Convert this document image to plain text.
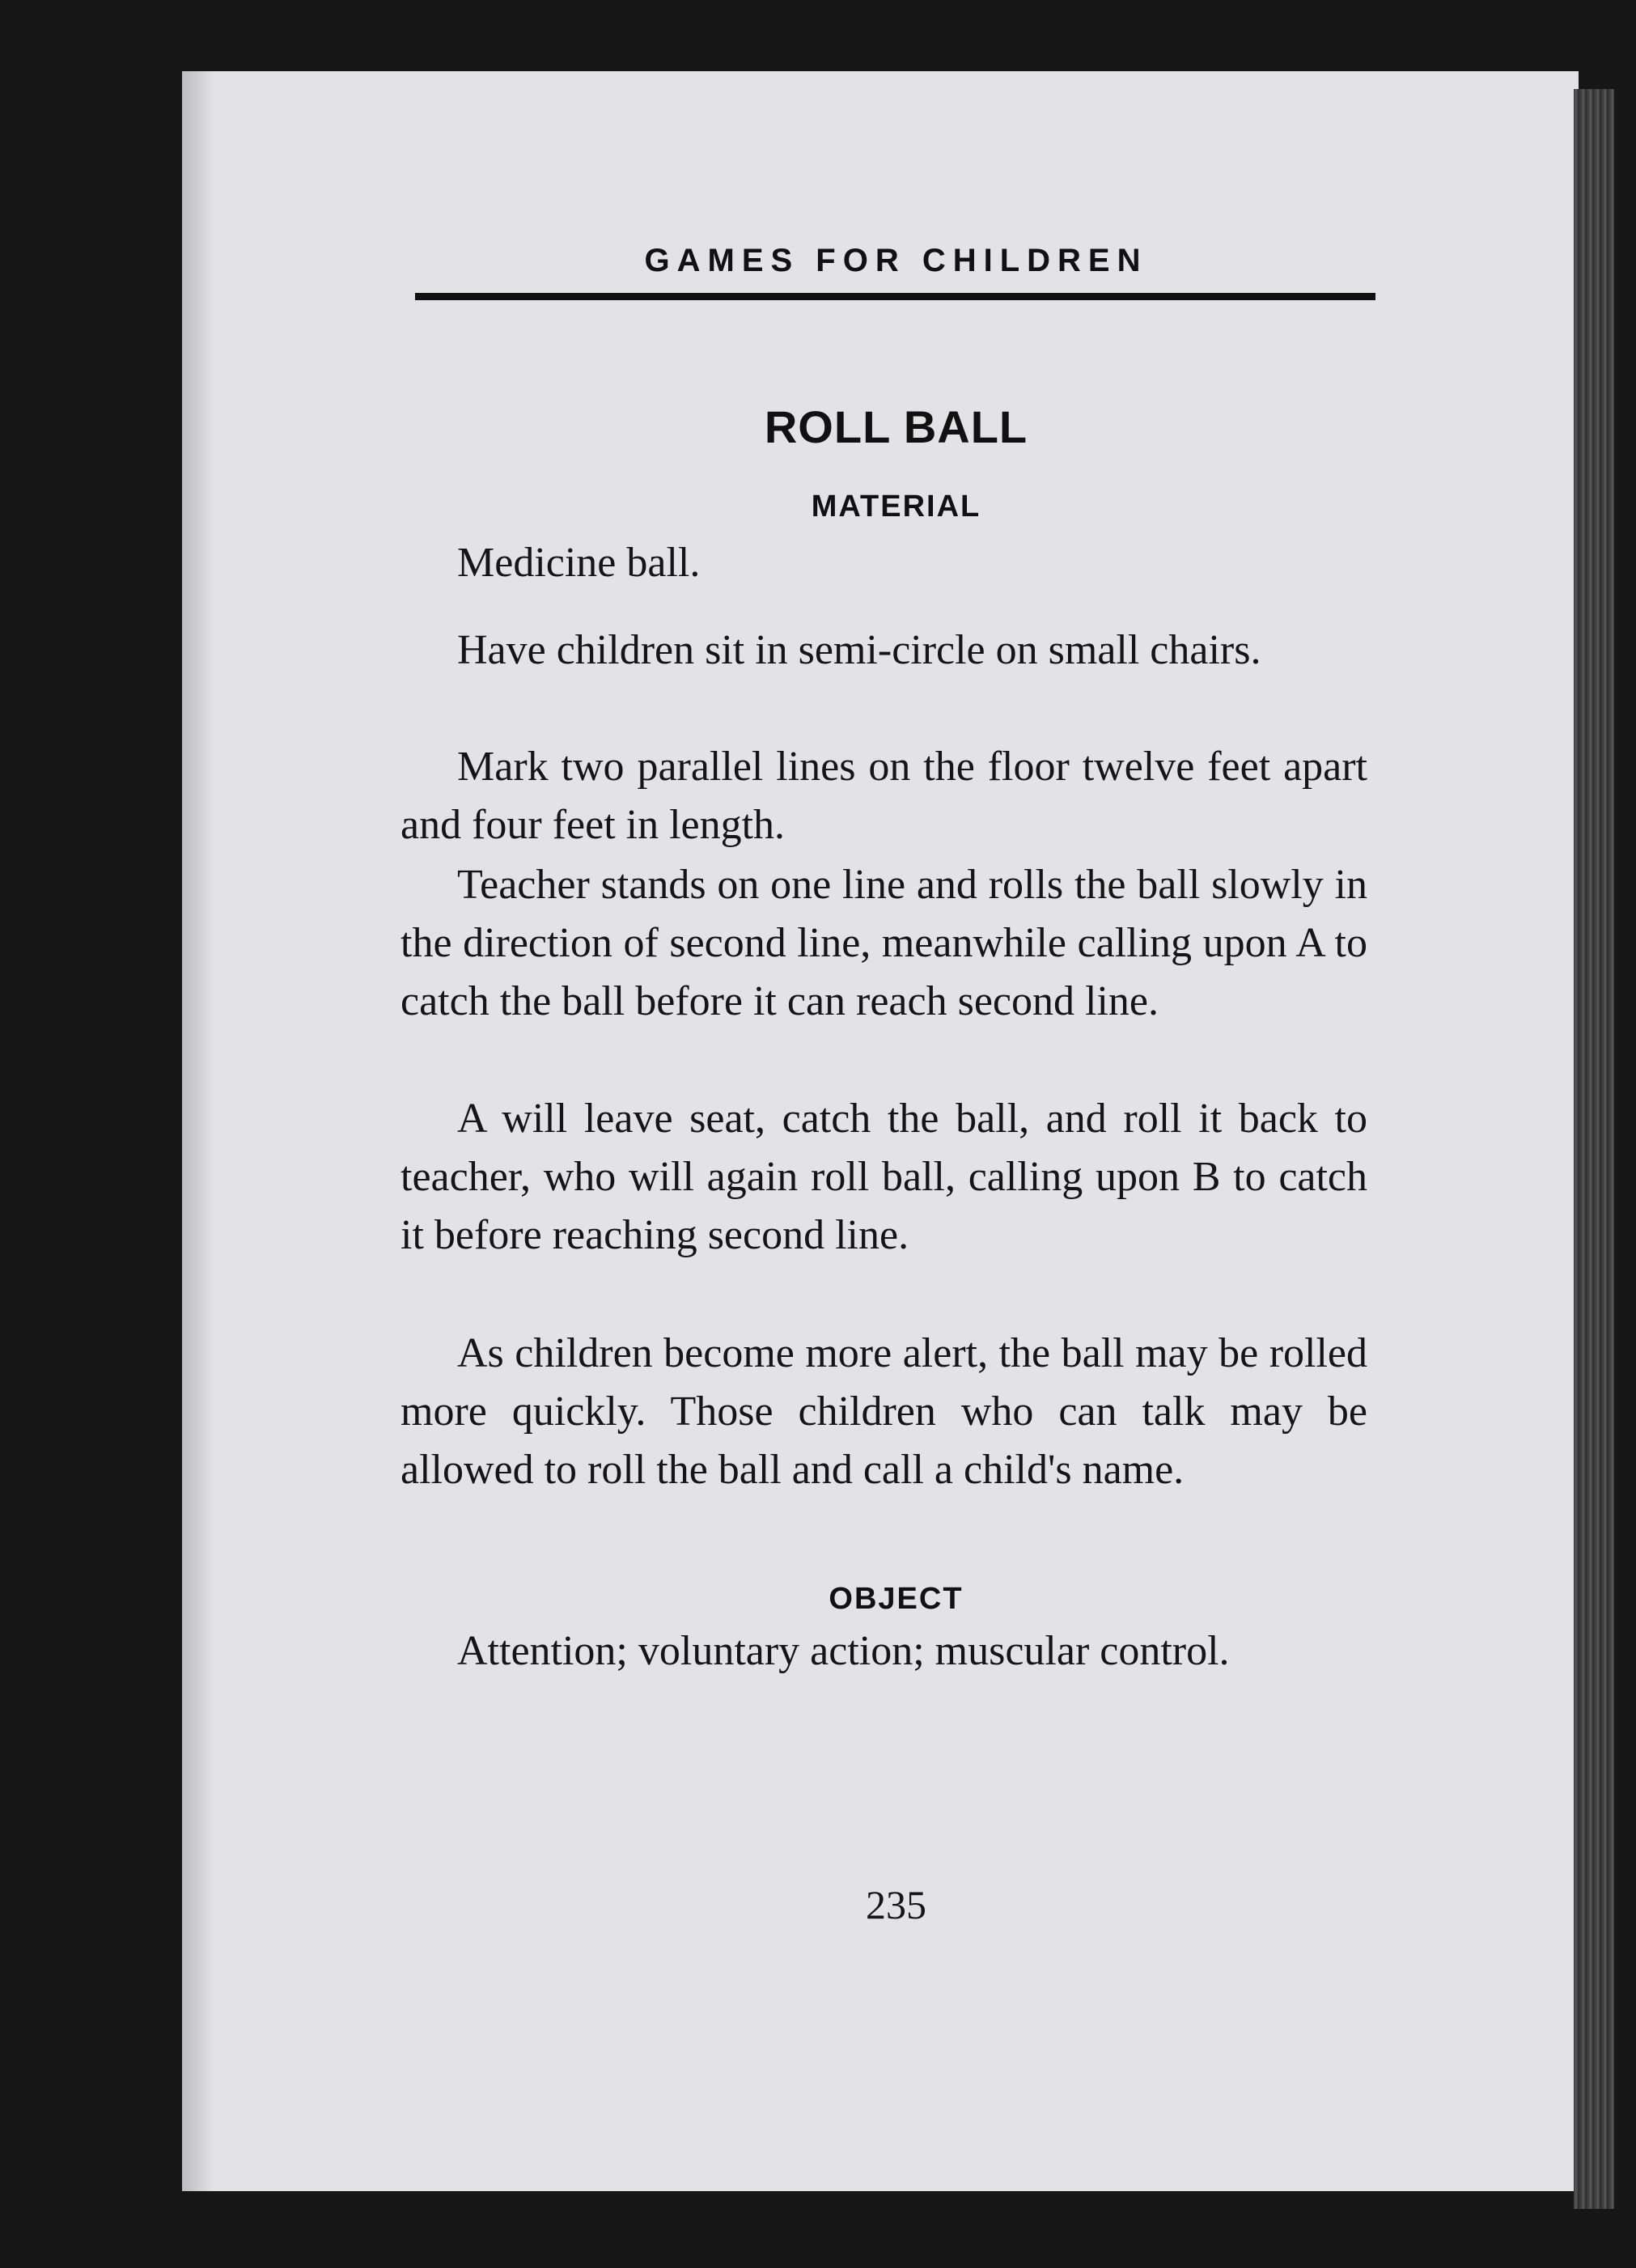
GAMES FOR CHILDREN
ROLL BALL
MATERIAL

Medicine ball.

Have children sit in semi-circle on small chairs.

Mark two parallel lines on the floor twelve feet apart and four feet in length.

Teacher stands on one line and rolls the ball slowly in the direction of second line, meanwhile calling upon A to catch the ball before it can reach second line.

A will leave seat, catch the ball, and roll it back to teacher, who will again roll ball, calling upon B to catch it before reaching second line.

As children become more alert, the ball may be rolled more quickly. Those children who can talk may be allowed to roll the ball and call a child's name.

OBJECT

Attention; voluntary action; muscular control.

235
